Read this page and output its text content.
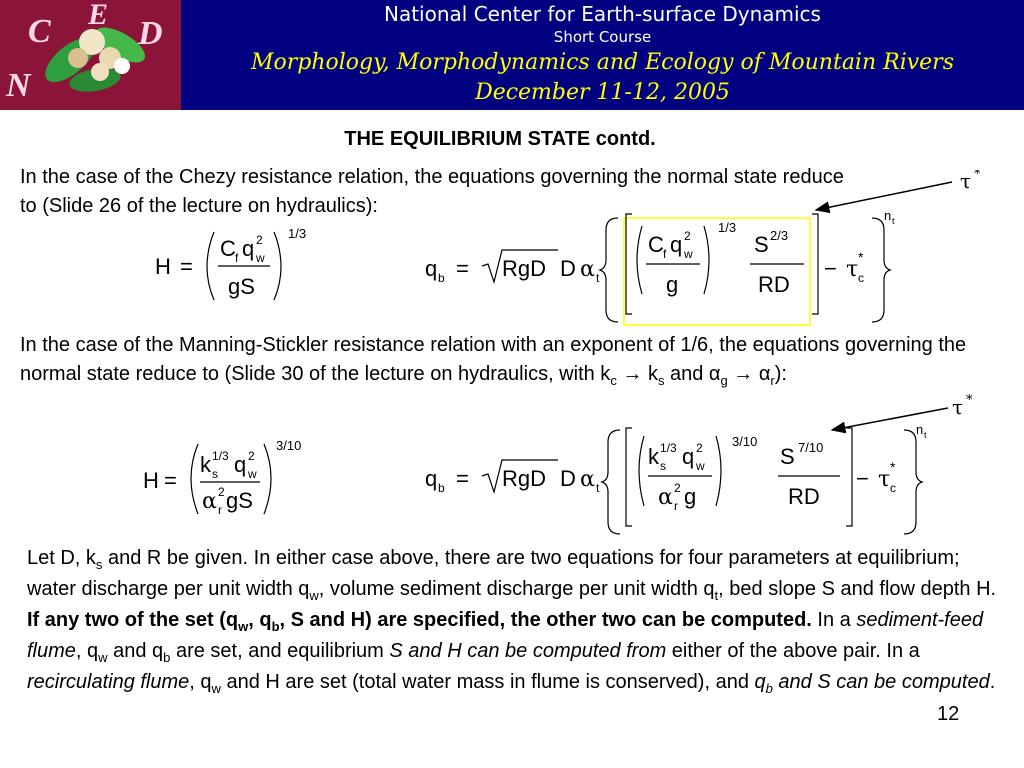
C E
D
N
National Center for Earth-surface Dynamics
Short Course
Morphology, Morphodynamics and Ecology of Mountain Rivers
December 11-12, 2005
THE EQUILIBRIUM STATE contd.
In the case of the Chezy resistance relation, the equations governing the normal state reduce to (Slide 26 of the lecture on hydraulics):
τ *
H =
C f q 2
w
gS
1/3
q b = RgD D α t
C f q 2
w
g
1/3
S 2/3
RD
− τ *
c
n t
In the case of the Manning-Stickler resistance relation with an exponent of 1/6, the equations governing the normal state reduce to (Slide 30 of the lecture on hydraulics, with $k_c \to k_s$ and $\alpha_g \to \alpha_r$):
τ *
H =
k 1/3
s q 2
w
α 2
r gS
3/10
q b = RgD D α t
k 1/3
s q 2
w
α 2
r g
3/10
S 7/10
RD
− τ *
c
n t
Let D, $k_s$ and R be given. In either case above, there are two equations for four parameters at equilibrium; water discharge per unit width $q_w$, volume sediment discharge per unit width $q_t$, bed slope S and flow depth H. If any two of the set ($q_w$, $q_b$, S and H) are specified, the other two can be computed. In a sediment-feed flume, $q_w$ and $q_b$ are set, and equilibrium S and H can be computed from either of the above pair. In a recirculating flume, $q_w$ and H are set (total water mass in flume is conserved), and $q_b$ and S can be computed.
12
